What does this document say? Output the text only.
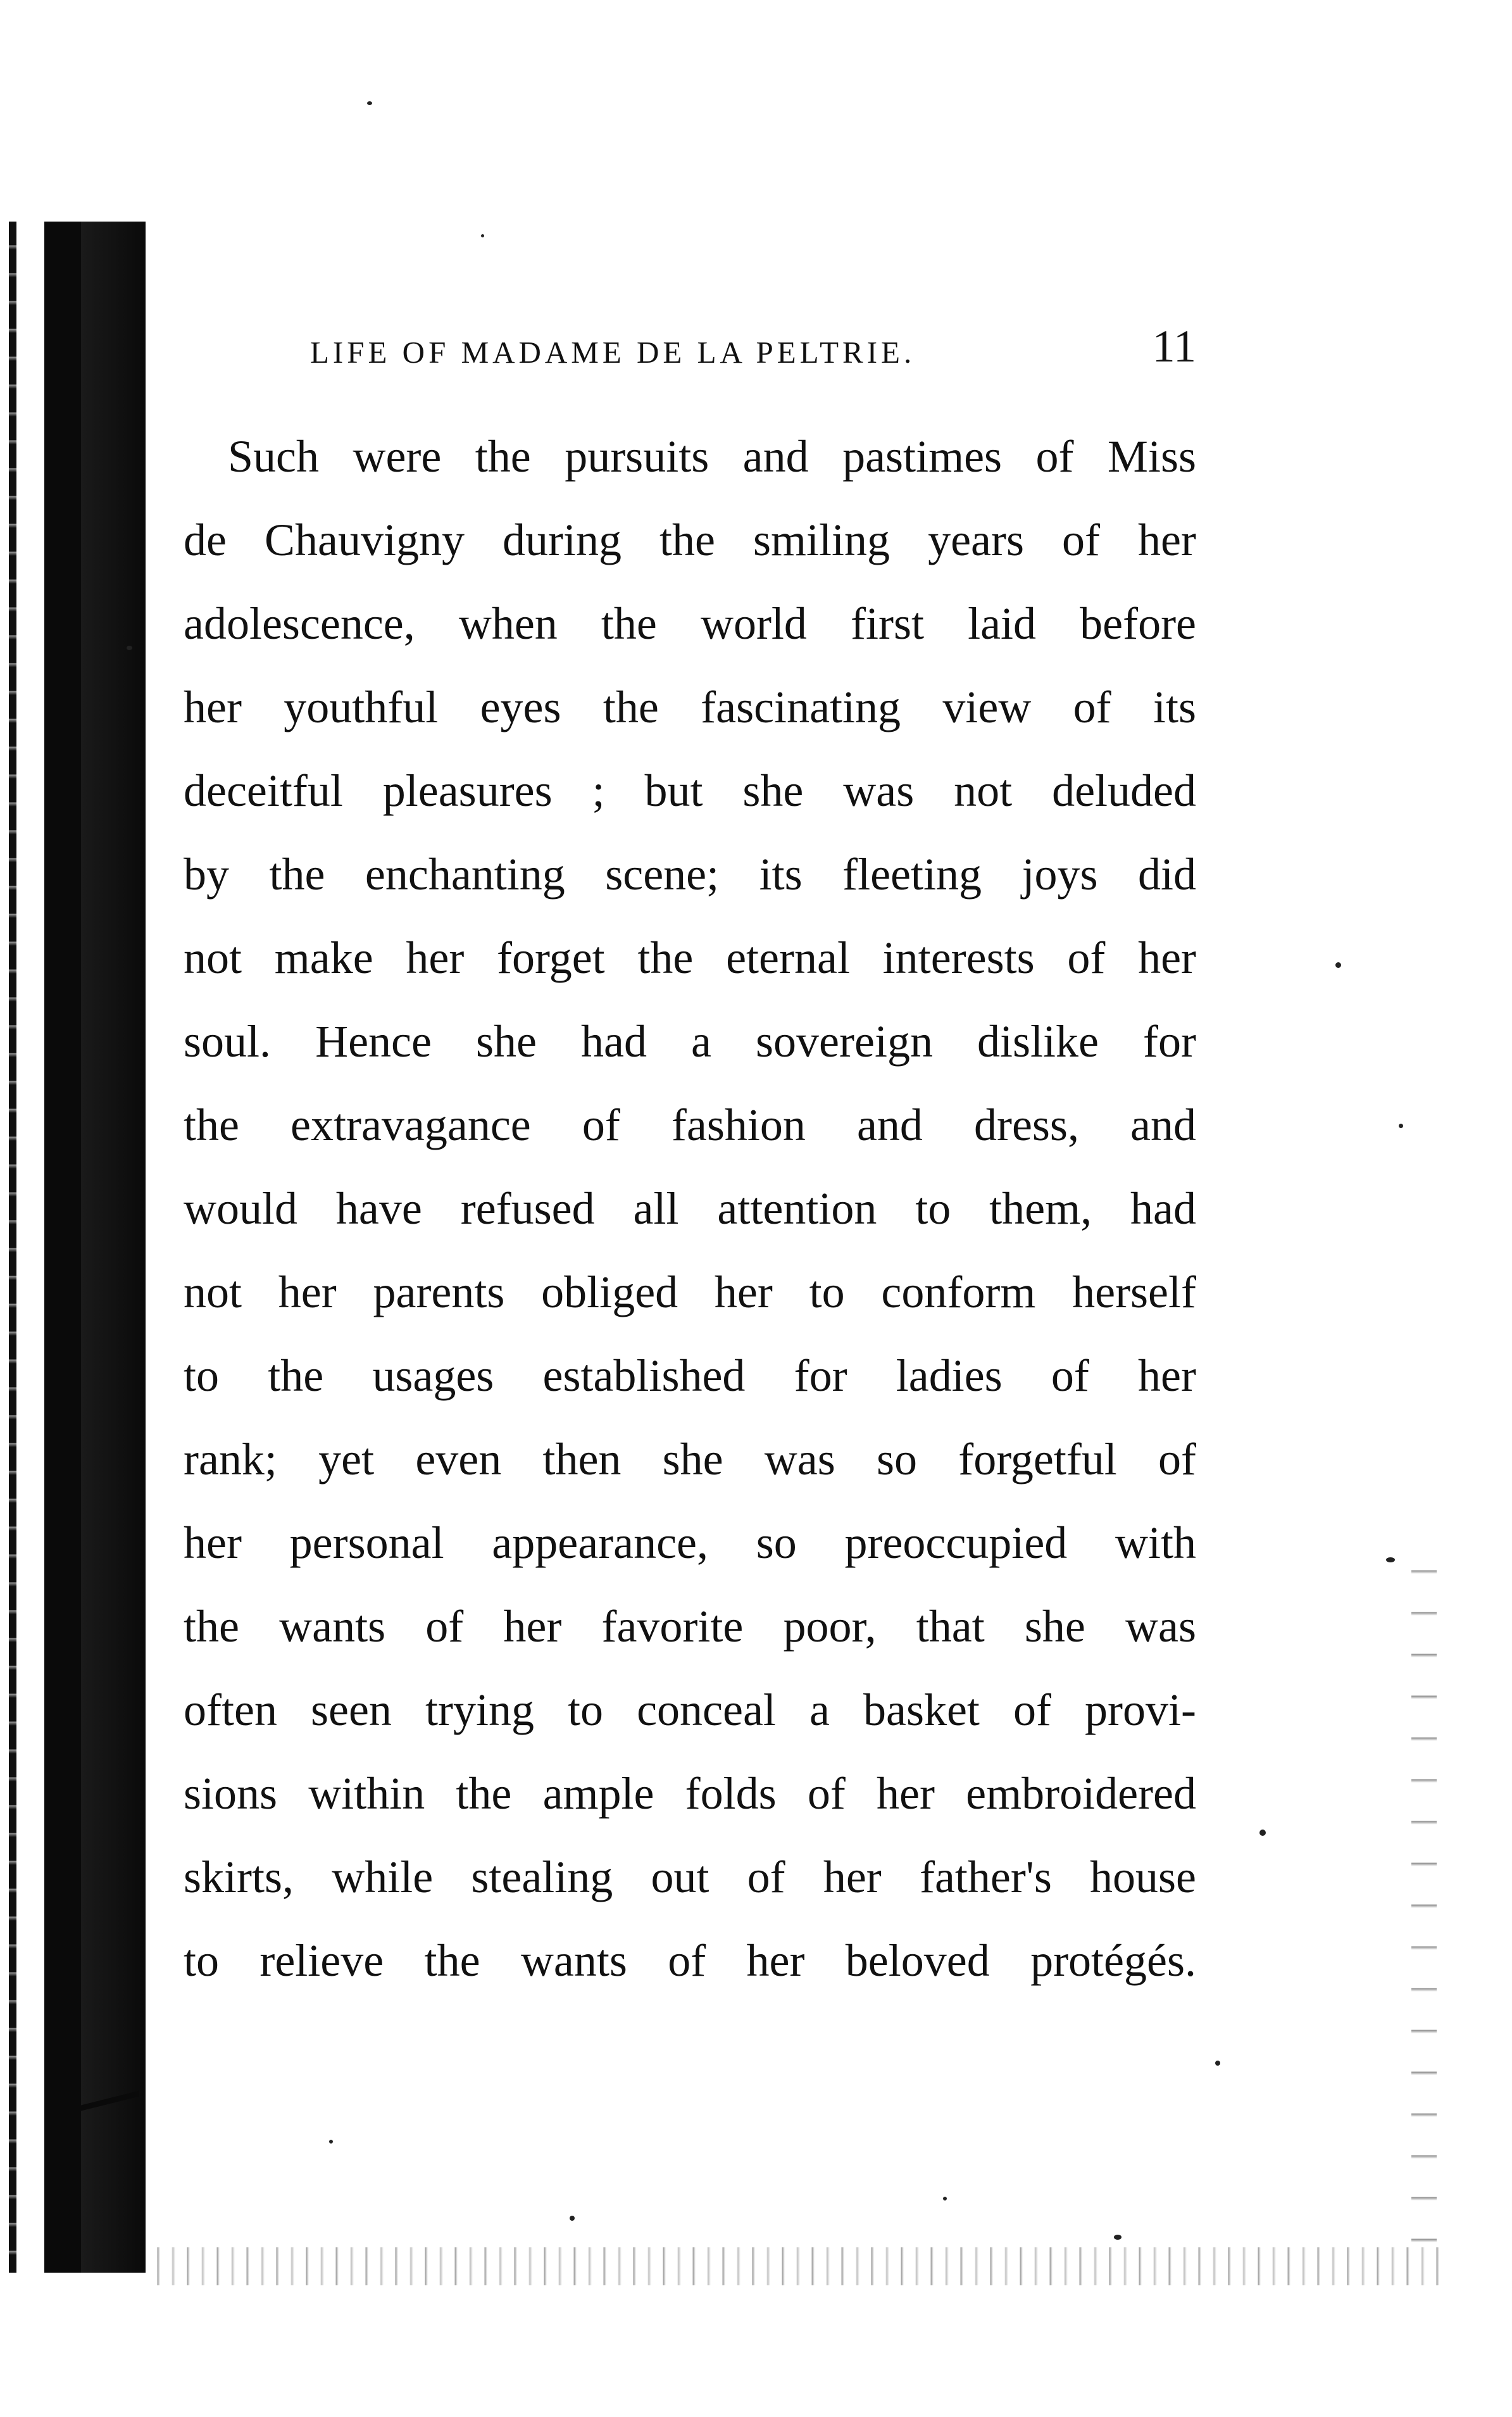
LIFE OF MADAME DE LA PELTRIE.	11
Such were the pursuits and pastimes of Miss
de Chauvigny during the smiling years of her
adolescence, when the world first laid before
her youthful eyes the fascinating view of its
deceitful pleasures ; but she was not deluded
by the enchanting scene; its fleeting joys did
not make her forget the eternal interests of her
soul. Hence she had a sovereign dislike for
the extravagance of fashion and dress, and
would have refused all attention to them, had
not her parents obliged her to conform herself
to the usages established for ladies of her
rank; yet even then she was so forgetful of
her personal appearance, so preoccupied with
the wants of her favorite poor, that she was
often seen trying to conceal a basket of provi-
sions within the ample folds of her embroidered
skirts, while stealing out of her father's house
to relieve the wants of her beloved protégés.
